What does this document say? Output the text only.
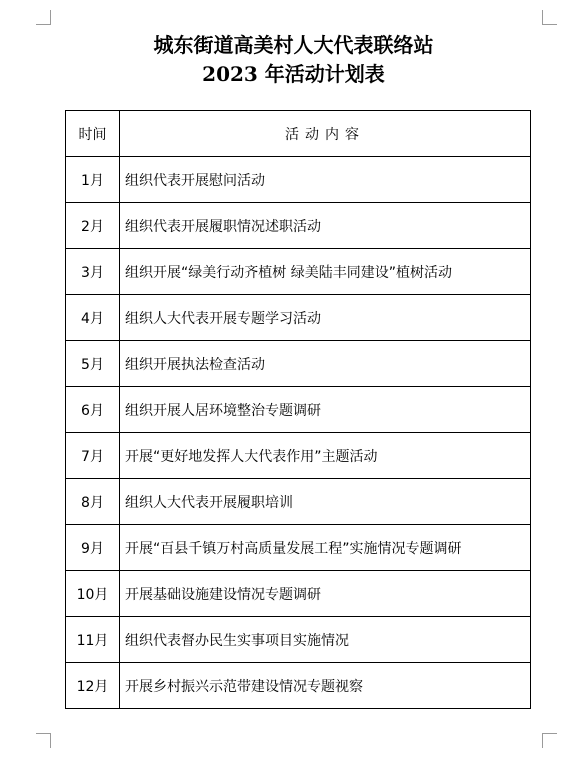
城东街道高美村人大代表联络站
2023 年活动计划表
时间	活动内容
1月	组织代表开展慰问活动
2月	组织代表开展履职情况述职活动
3月	组织开展“绿美行动齐植树 绿美陆丰同建设”植树活动
4月	组织人大代表开展专题学习活动
5月	组织开展执法检查活动
6月	组织开展人居环境整治专题调研
7月	开展“更好地发挥人大代表作用”主题活动
8月	组织人大代表开展履职培训
9月	开展“百县千镇万村高质量发展工程”实施情况专题调研
10月	开展基础设施建设情况专题调研
11月	组织代表督办民生实事项目实施情况
12月	开展乡村振兴示范带建设情况专题视察
